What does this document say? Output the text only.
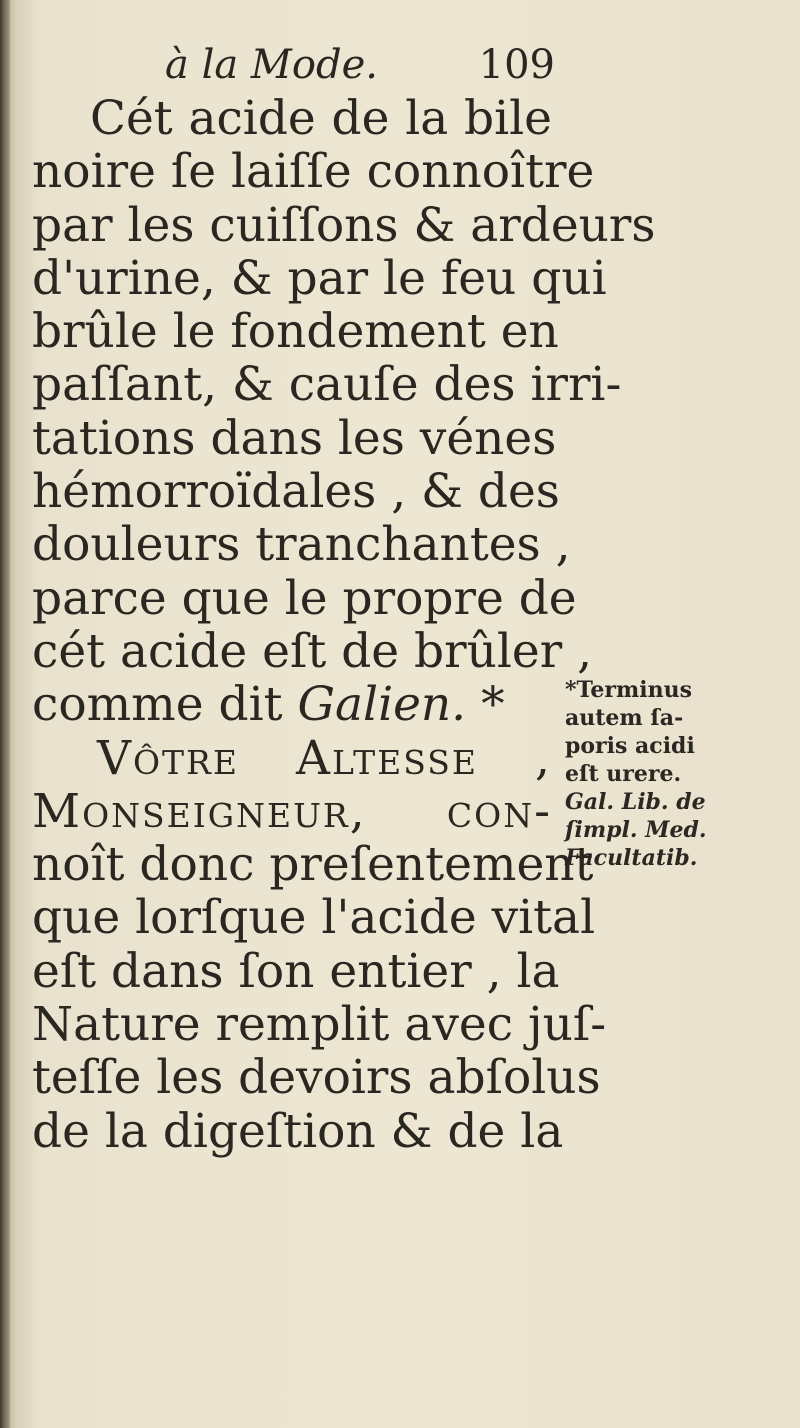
à la Mode.	109
Cét acide de la bile
noire ſe laiſſe connoître
par les cuiſſons & ardeurs
d'urine, & par le feu qui
brûle le fondement en
paſſant, & cauſe des irri-
tations dans les vénes
hémorroïdales , & des
douleurs tranchantes ,
parce que le propre de
cét acide eſt de brûler ,
comme dit Galien. *
Vôtre Altesse ,
Monseigneur, con-
noît donc preſentement
que lorſque l'acide vital
eſt dans ſon entier , la
Nature remplit avec juſ-
teſſe les devoirs abſolus
de la digeſtion & de la
*Terminus
autem ſa-
poris acidi
eſt urere.
Gal. Lib. de
ſimpl. Med.
Facultatib.
